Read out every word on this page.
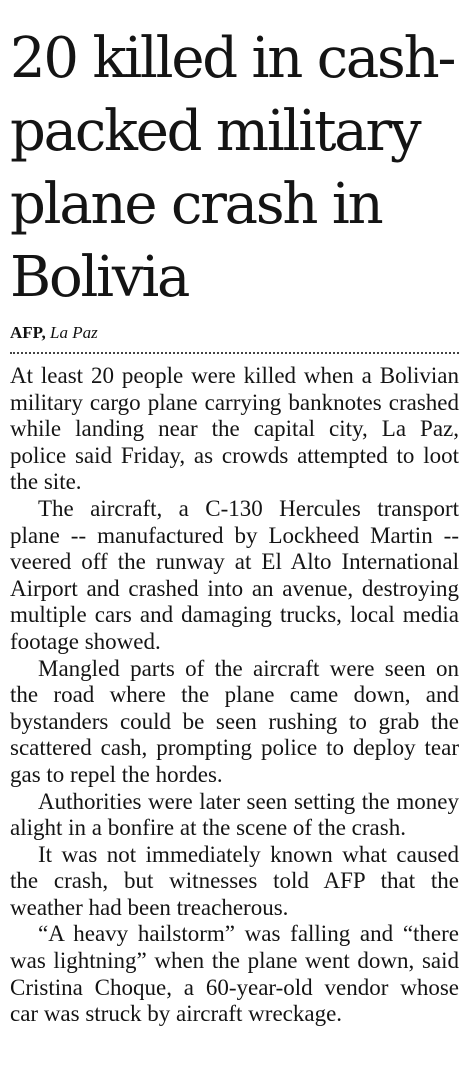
20 killed in cash-packed military plane crash in Bolivia
AFP, La Paz

At least 20 people were killed when a Bolivian military cargo plane carrying banknotes crashed while landing near the capital city, La Paz, police said Friday, as crowds attempted to loot the site.

The aircraft, a C-130 Hercules transport plane -- manufactured by Lockheed Martin -- veered off the runway at El Alto International Airport and crashed into an avenue, destroying multiple cars and damaging trucks, local media footage showed.

Mangled parts of the aircraft were seen on the road where the plane came down, and bystanders could be seen rushing to grab the scattered cash, prompting police to deploy tear gas to repel the hordes.

Authorities were later seen setting the money alight in a bonfire at the scene of the crash.

It was not immediately known what caused the crash, but witnesses told AFP that the weather had been treacherous.

“A heavy hailstorm” was falling and “there was lightning” when the plane went down, said Cristina Choque, a 60-year-old vendor whose car was struck by aircraft wreckage.
